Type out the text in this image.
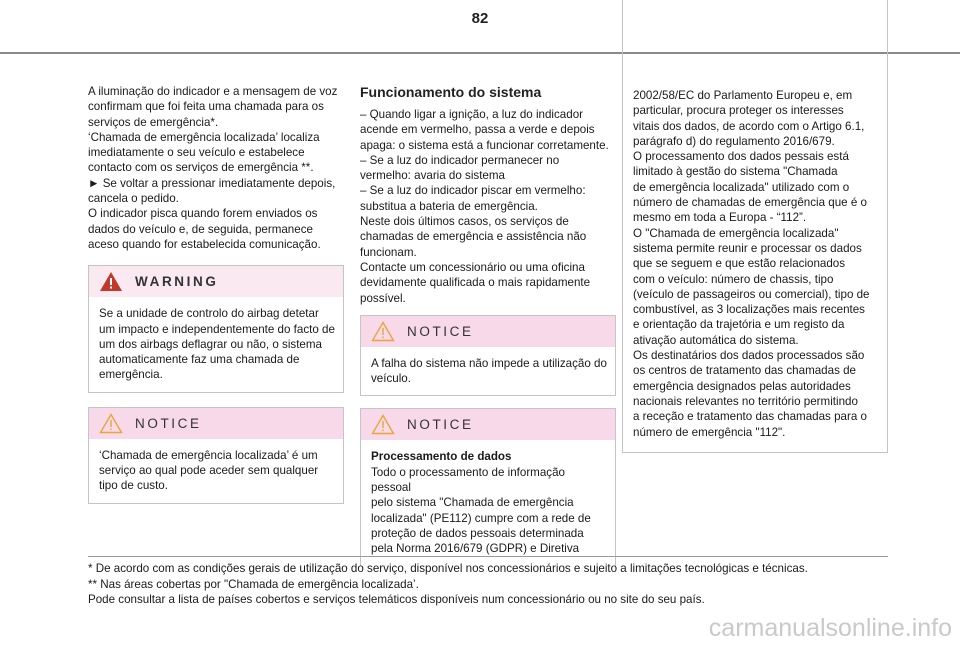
82

A iluminação do indicador e a mensagem de voz
confirmam que foi feita uma chamada para os
serviços de emergência*.
‘Chamada de emergência localizada’ localiza
imediatamente o seu veículo e estabelece
contacto com os serviços de emergência **.
► Se voltar a pressionar imediatamente depois,
cancela o pedido.
O indicador pisca quando forem enviados os
dados do veículo e, de seguida, permanece
aceso quando for estabelecida comunicação.

WARNING

Se a unidade de controlo do airbag detetar
um impacto e independentemente do facto de
um dos airbags deflagrar ou não, o sistema
automaticamente faz uma chamada de
emergência.

NOTICE

‘Chamada de emergência localizada’ é um
serviço ao qual pode aceder sem qualquer
tipo de custo.

Funcionamento do sistema

– Quando ligar a ignição, a luz do indicador
acende em vermelho, passa a verde e depois
apaga: o sistema está a funcionar corretamente.
– Se a luz do indicador permanecer no
vermelho: avaria do sistema
– Se a luz do indicador piscar em vermelho:
substitua a bateria de emergência.
Neste dois últimos casos, os serviços de
chamadas de emergência e assistência não
funcionam.
Contacte um concessionário ou uma oficina
devidamente qualificada o mais rapidamente
possível.

NOTICE

A falha do sistema não impede a utilização do
veículo.

NOTICE

Processamento de dados

Todo o processamento de informação pessoal
pelo sistema "Chamada de emergência
localizada" (PE112) cumpre com a rede de
proteção de dados pessoais determinada
pela Norma 2016/679 (GDPR) e Diretiva

2002/58/EC do Parlamento Europeu e, em
particular, procura proteger os interesses
vitais dos dados, de acordo com o Artigo 6.1,
parágrafo d) do regulamento 2016/679.
O processamento dos dados pessais está
limitado à gestão do sistema "Chamada
de emergência localizada" utilizado com o
número de chamadas de emergência que é o
mesmo em toda a Europa - “112”.
O "Chamada de emergência localizada"
sistema permite reunir e processar os dados
que se seguem e que estão relacionados
com o veículo: número de chassis, tipo
(veículo de passageiros ou comercial), tipo de
combustível, as 3 localizações mais recentes
e orientação da trajetória e um registo da
ativação automática do sistema.
Os destinatários dos dados processados são
os centros de tratamento das chamadas de
emergência designados pelas autoridades
nacionais relevantes no território permitindo
a receção e tratamento das chamadas para o
número de emergência "112".

* De acordo com as condições gerais de utilização do serviço, disponível nos concessionários e sujeito a limitações tecnológicas e técnicas.

** Nas áreas cobertas por "Chamada de emergência localizada’.

Pode consultar a lista de países cobertos e serviços telemáticos disponíveis num concessionário ou no site do seu país.

carmanualsonline.info
